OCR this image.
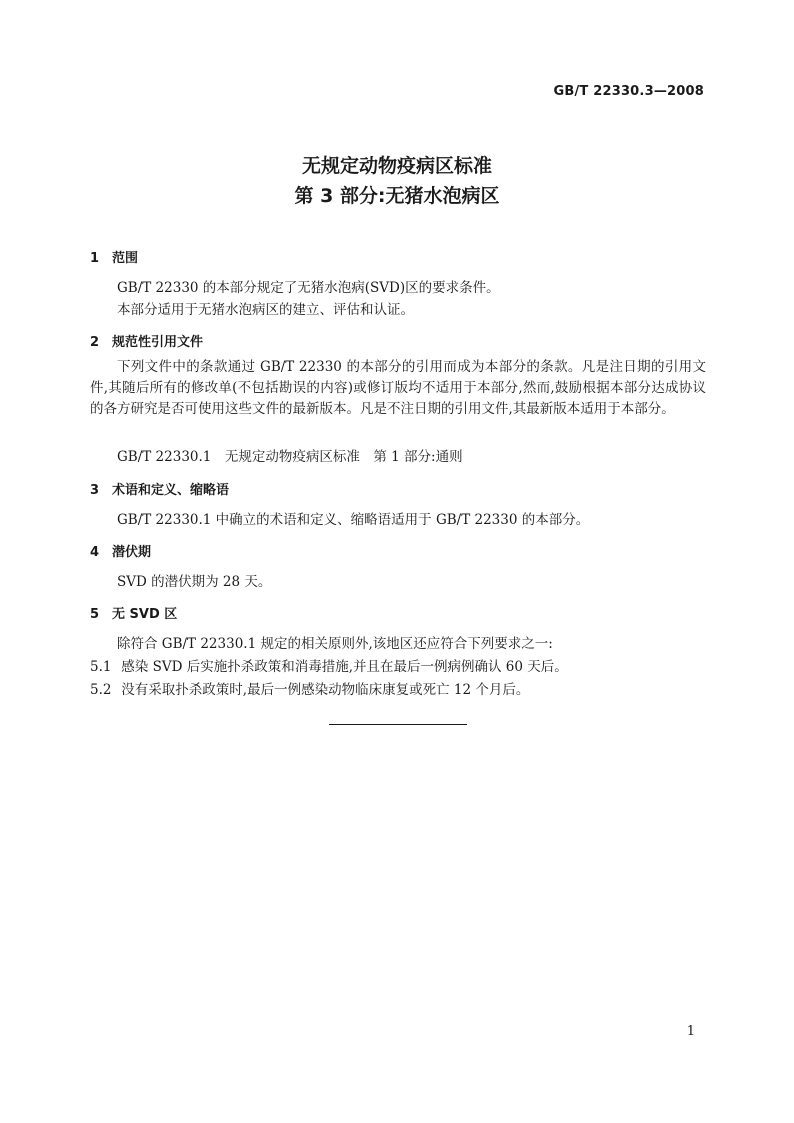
GB/T 22330.3—2008
无规定动物疫病区标准
第 3 部分:无猪水泡病区
1 范围
GB/T 22330 的本部分规定了无猪水泡病(SVD)区的要求条件。
本部分适用于无猪水泡病区的建立、评估和认证。
2 规范性引用文件
下列文件中的条款通过 GB/T 22330 的本部分的引用而成为本部分的条款。凡是注日期的引用文件,其随后所有的修改单(不包括勘误的内容)或修订版均不适用于本部分,然而,鼓励根据本部分达成协议的各方研究是否可使用这些文件的最新版本。凡是不注日期的引用文件,其最新版本适用于本部分。
GB/T 22330.1　无规定动物疫病区标准　第 1 部分:通则
3 术语和定义、缩略语
GB/T 22330.1 中确立的术语和定义、缩略语适用于 GB/T 22330 的本部分。
4 潜伏期
SVD 的潜伏期为 28 天。
5 无 SVD 区
除符合 GB/T 22330.1 规定的相关原则外,该地区还应符合下列要求之一:
5.1 感染 SVD 后实施扑杀政策和消毒措施,并且在最后一例病例确认 60 天后。
5.2 没有采取扑杀政策时,最后一例感染动物临床康复或死亡 12 个月后。
1
